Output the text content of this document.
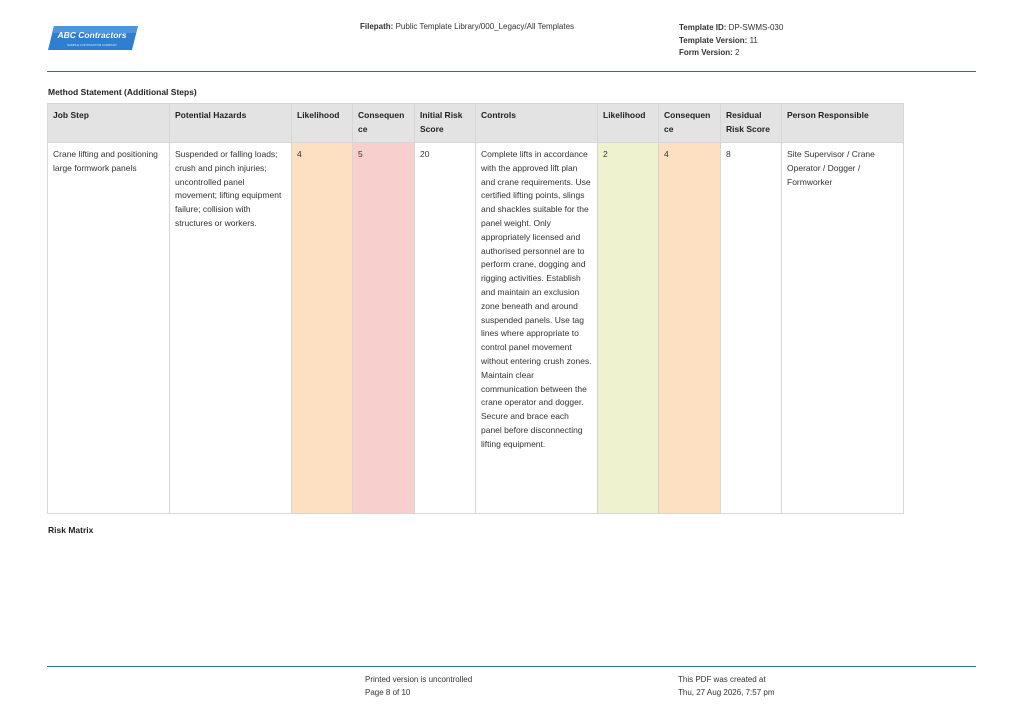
ABC Contractors
SAMPLE CONTRACTOR COMPANY
Filepath: Public Template Library/000_Legacy/All Templates	Template ID: DP-SWMS-030
Template Version: 11
Form Version: 2
Method Statement (Additional Steps)
Job Step	Potential Hazards	Likelihood	Consequen ce	Initial Risk Score	Controls	Likelihood	Consequen ce	Residual Risk Score	Person Responsible
Crane lifting and positioning large formwork panels	Suspended or falling loads; crush and pinch injuries; uncontrolled panel movement; lifting equipment failure; collision with structures or workers.	4	5	20	Complete lifts in accordance with the approved lift plan and crane requirements. Use certified lifting points, slings and shackles suitable for the panel weight. Only appropriately licensed and authorised personnel are to perform crane, dogging and rigging activities. Establish and maintain an exclusion zone beneath and around suspended panels. Use tag lines where appropriate to control panel movement without entering crush zones. Maintain clear communication between the crane operator and dogger. Secure and brace each panel before disconnecting lifting equipment.	2	4	8	Site Supervisor / Crane Operator / Dogger / Formworker
Risk Matrix
Printed version is uncontrolled
Page 8 of 10
This PDF was created at
Thu, 27 Aug 2026, 7:57 pm
